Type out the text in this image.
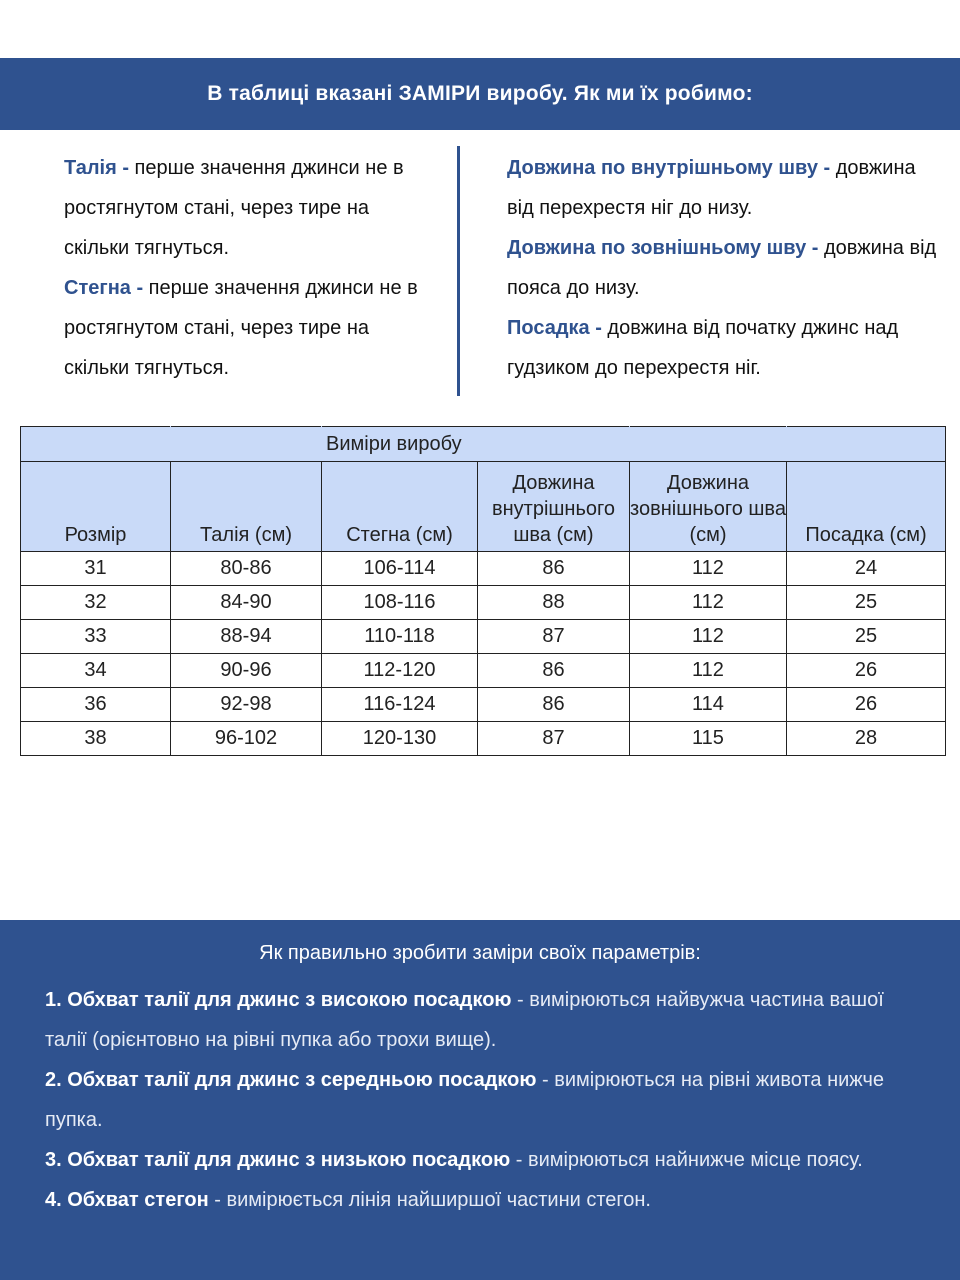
В таблиці вказані ЗАМІРИ виробу. Як ми їх робимо:

Талія - перше значення джинси не в ростягнутом стані, через тире на скільки тягнуться.

Стегна - перше значення джинси не в ростягнутом стані, через тире на скільки тягнуться.

Довжина по внутрішньому шву - довжина від перехрестя ніг до низу.

Довжина по зовнішньому шву - довжина від пояса до низу.

Посадка - довжина від початку джинс над гудзиком до перехрестя ніг.

		Виміри виробу			
Розмір	Талія (см)	Стегна (см)	Довжина внутрішнього шва (см)	Довжина зовнішнього шва (см)	Посадка (см)
31	80-86	106-114	86	112	24
32	84-90	108-116	88	112	25
33	88-94	110-118	87	112	25
34	90-96	112-120	86	112	26
36	92-98	116-124	86	114	26
38	96-102	120-130	87	115	28
Як правильно зробити заміри своїх параметрів:

1. Обхват талії для джинс з високою посадкою - вимірюються найвужча частина вашої талії (орієнтовно на рівні пупка або трохи вище).

2. Обхват талії для джинс з середньою посадкою - вимірюються на рівні живота нижче пупка.

3. Обхват талії для джинс з низькою посадкою - вимірюються найнижче місце поясу.

4. Обхват стегон - вимірюється лінія найширшої частини стегон.
